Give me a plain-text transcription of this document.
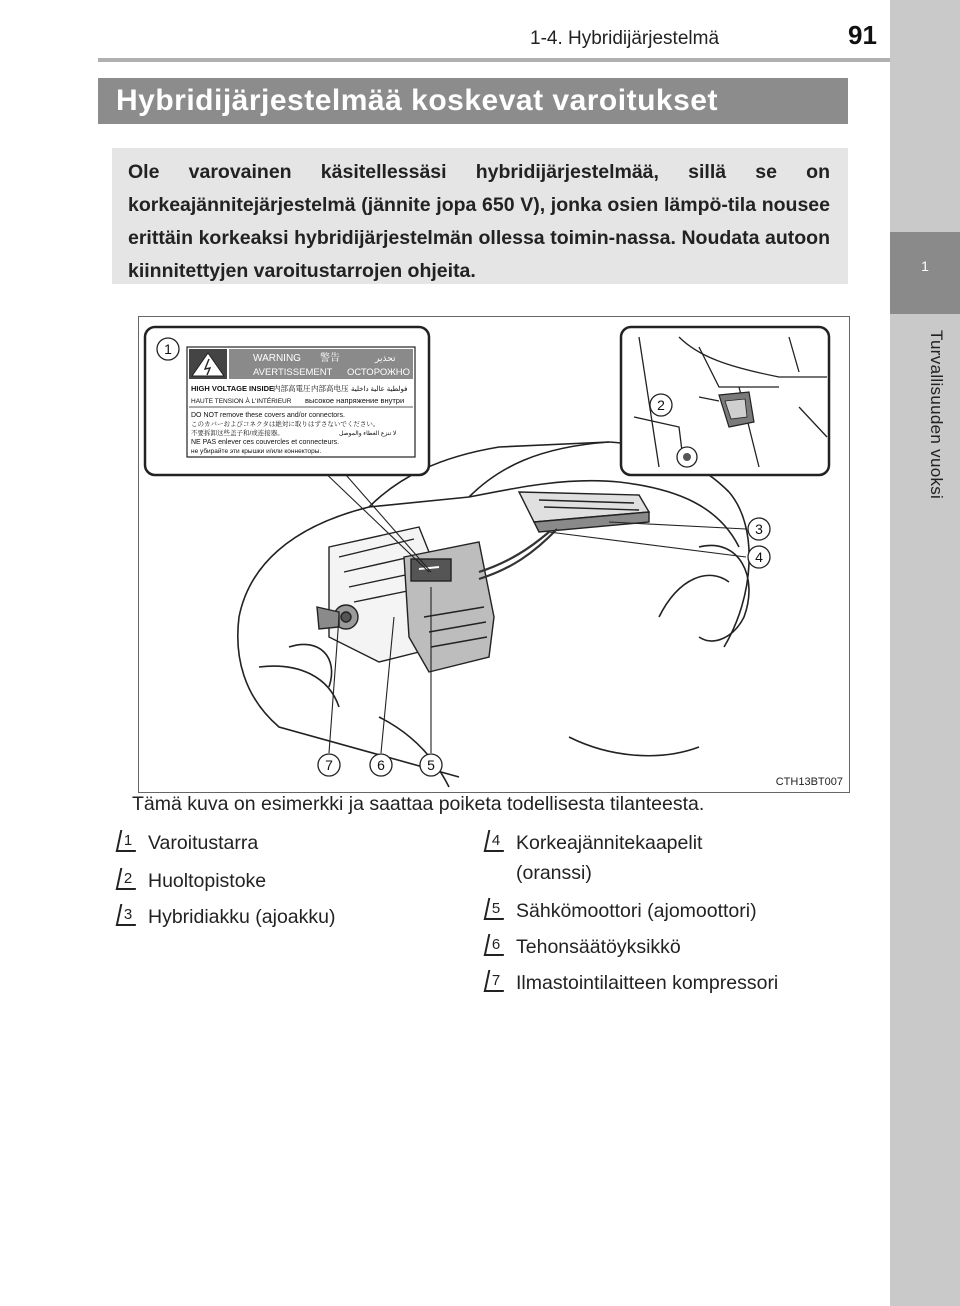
1
Turvallisuuden vuoksi
1-4. Hybridijärjestelmä	91
Hybridijärjestelmää koskevat varoitukset

Ole varovainen käsitellessäsi hybridijärjestelmää, sillä se on korkeajännitejärjestelmä (jännite jopa 650 V), jonka osien lämpö-tila nousee erittäin korkeaksi hybridijärjestelmän ollessa toimin-nassa. Noudata autoon kiinnitettyjen varoitustarrojen ohjeita.

WARNING 警告	تحذير
AVERTISSEMENT ОСТОРОЖНО
HIGH VOLTAGE INSIDE
内部高電圧 内部高电压 فولطية عالية داخلية
HAUTE TENSION À L'INTÉRIEUR высокое напряжение внутри
DO NOT remove these covers and/or connectors.
このカバーおよびコネクタは絶対に取りはずさないでください。
不要拆卸这些盖子和/或连接器。	لا تنزع الغطاء والموصل
NE PAS enlever ces couvercles et connecteurs.
не убирайте эти крышки и/или коннекторы.
1
2
3
4
5
6
7
CTH13BT007
Tämä kuva on esimerkki ja saattaa poiketa todellisesta tilanteesta.
1 Varoitustarra
2 Huoltopistoke
3 Hybridiakku (ajoakku)
4 Korkeajännitekaapelit
(oranssi)
5 Sähkömoottori (ajomoottori)
6 Tehonsäätöyksikkö
7 Ilmastointilaitteen kompressori
